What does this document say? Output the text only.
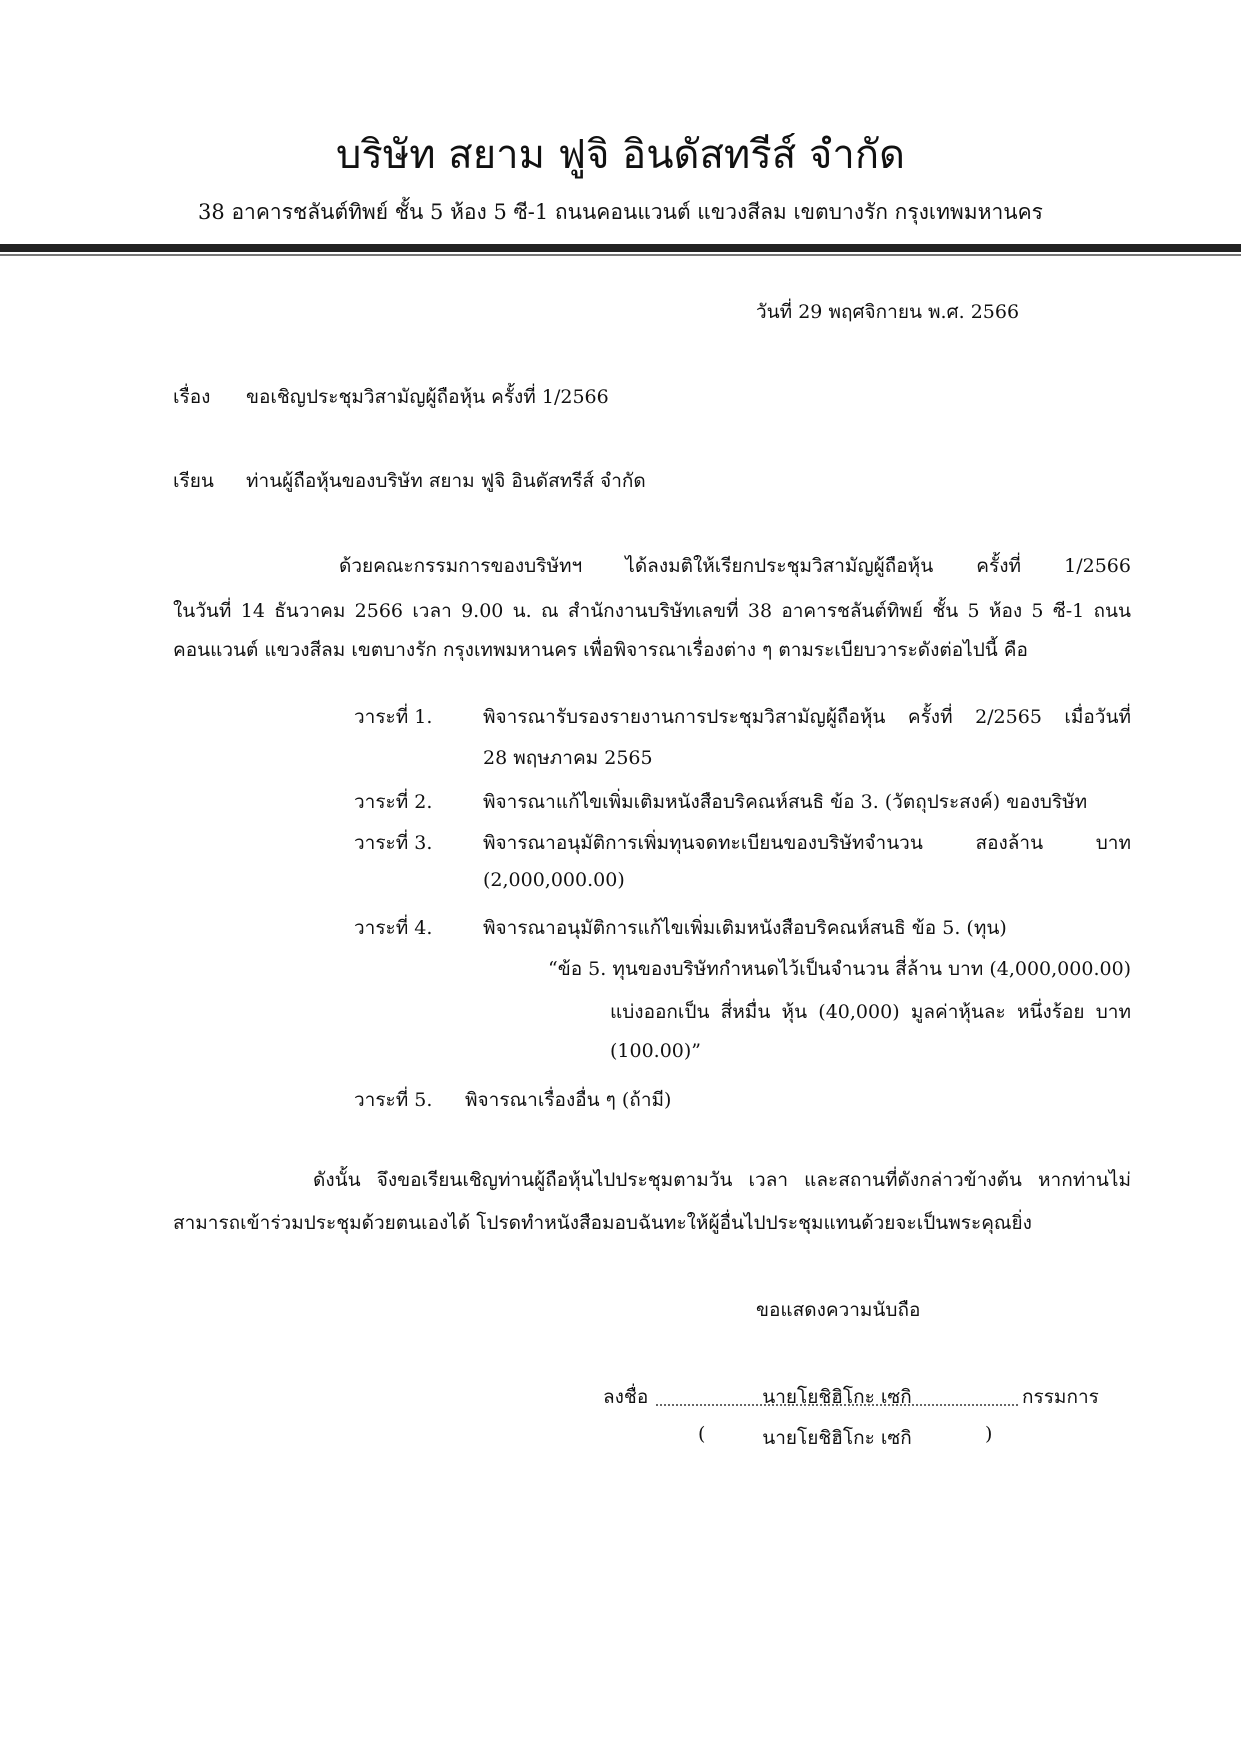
บริษัท สยาม ฟูจิ อินดัสทรีส์ จำกัด
38 อาคารชลันต์ทิพย์ ชั้น 5 ห้อง 5 ซี-1 ถนนคอนแวนต์ แขวงสีลม เขตบางรัก กรุงเทพมหานคร
วันที่ 29 พฤศจิกายน พ.ศ. 2566
เรื่อง ขอเชิญประชุมวิสามัญผู้ถือหุ้น ครั้งที่ 1/2566
เรียน ท่านผู้ถือหุ้นของบริษัท สยาม ฟูจิ อินดัสทรีส์ จำกัด
ด้วยคณะกรรมการของบริษัทฯ ได้ลงมติให้เรียกประชุมวิสามัญผู้ถือหุ้น ครั้งที่ 1/2566
ในวันที่ 14 ธันวาคม 2566 เวลา 9.00 น. ณ สำนักงานบริษัทเลขที่ 38 อาคารชลันต์ทิพย์ ชั้น 5 ห้อง 5 ซี-1 ถนน
คอนแวนต์ แขวงสีลม เขตบางรัก กรุงเทพมหานคร เพื่อพิจารณาเรื่องต่าง ๆ ตามระเบียบวาระดังต่อไปนี้ คือ
วาระที่ 1.	พิจารณารับรองรายงานการประชุมวิสามัญผู้ถือหุ้น ครั้งที่ 2/2565 เมื่อวันที่
28 พฤษภาคม 2565
วาระที่ 2.	พิจารณาแก้ไขเพิ่มเติมหนังสือบริคณห์สนธิ ข้อ 3. (วัตถุประสงค์) ของบริษัท
วาระที่ 3.	พิจารณาอนุมัติการเพิ่มทุนจดทะเบียนของบริษัทจำนวน สองล้าน บาท
(2,000,000.00)
วาระที่ 4.	พิจารณาอนุมัติการแก้ไขเพิ่มเติมหนังสือบริคณห์สนธิ ข้อ 5. (ทุน)
“ข้อ 5. ทุนของบริษัทกำหนดไว้เป็นจำนวน สี่ล้าน บาท (4,000,000.00)
แบ่งออกเป็น สี่หมื่น หุ้น (40,000) มูลค่าหุ้นละ หนึ่งร้อย บาท
(100.00)”
วาระที่ 5. พิจารณาเรื่องอื่น ๆ (ถ้ามี)
ดังนั้น จึงขอเรียนเชิญท่านผู้ถือหุ้นไปประชุมตามวัน เวลา และสถานที่ดังกล่าวข้างต้น หากท่านไม่
สามารถเข้าร่วมประชุมด้วยตนเองได้ โปรดทำหนังสือมอบฉันทะให้ผู้อื่นไปประชุมแทนด้วยจะเป็นพระคุณยิ่ง
ขอแสดงความนับถือ
ลงชื่อ	นายโยชิฮิโกะ เซกิ	กรรมการ
(	นายโยชิฮิโกะ เซกิ	)
